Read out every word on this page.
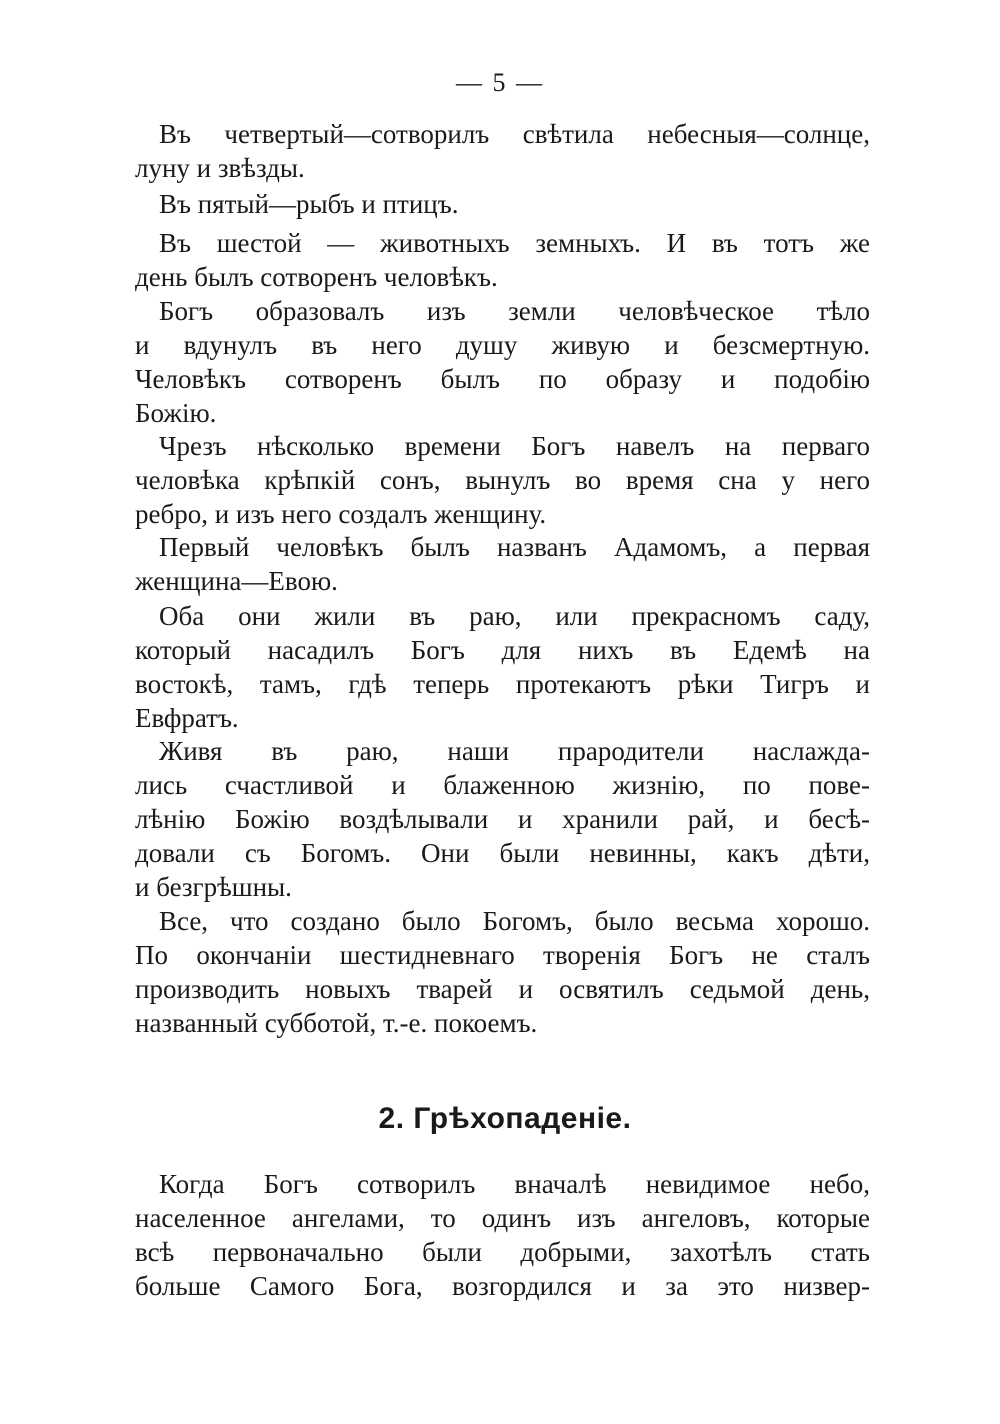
— 5 —
Въ четвертый—сотворилъ свѣтила небесныя—солнце,
луну и звѣзды.
Въ пятый—рыбъ и птицъ.
Въ шестой — животныхъ земныхъ. И въ тотъ же
день былъ сотворенъ человѣкъ.
Богъ образовалъ изъ земли человѣческое тѣло
и вдунулъ въ него душу живую и безсмертную.
Человѣкъ сотворенъ былъ по образу и подобію
Божію.
Чрезъ нѣсколько времени Богъ навелъ на перваго
человѣка крѣпкій сонъ, вынулъ во время сна у него
ребро, и изъ него создалъ женщину.
Первый человѣкъ былъ названъ Адамомъ, а первая
женщина—Евою.
Оба они жили въ раю, или прекрасномъ саду,
который насадилъ Богъ для нихъ въ Едемѣ на
востокѣ, тамъ, гдѣ теперь протекаютъ рѣки Тигръ и
Евфратъ.
Живя въ раю, наши прародители наслажда-
лись счастливой и блаженною жизнію, по пове-
лѣнію Божію воздѣлывали и хранили рай, и бесѣ-
довали съ Богомъ. Они были невинны, какъ дѣти,
и безгрѣшны.
Все, что создано было Богомъ, было весьма хорошо.
По окончаніи шестидневнаго творенія Богъ не сталъ
производить новыхъ тварей и освятилъ седьмой день,
названный субботой, т.-е. покоемъ.
2. Грѣхопаденіе.
Когда Богъ сотворилъ вначалѣ невидимое небо,
населенное ангелами, то одинъ изъ ангеловъ, которые
всѣ первоначально были добрыми, захотѣлъ стать
больше Самого Бога, возгордился и за это низвер-
